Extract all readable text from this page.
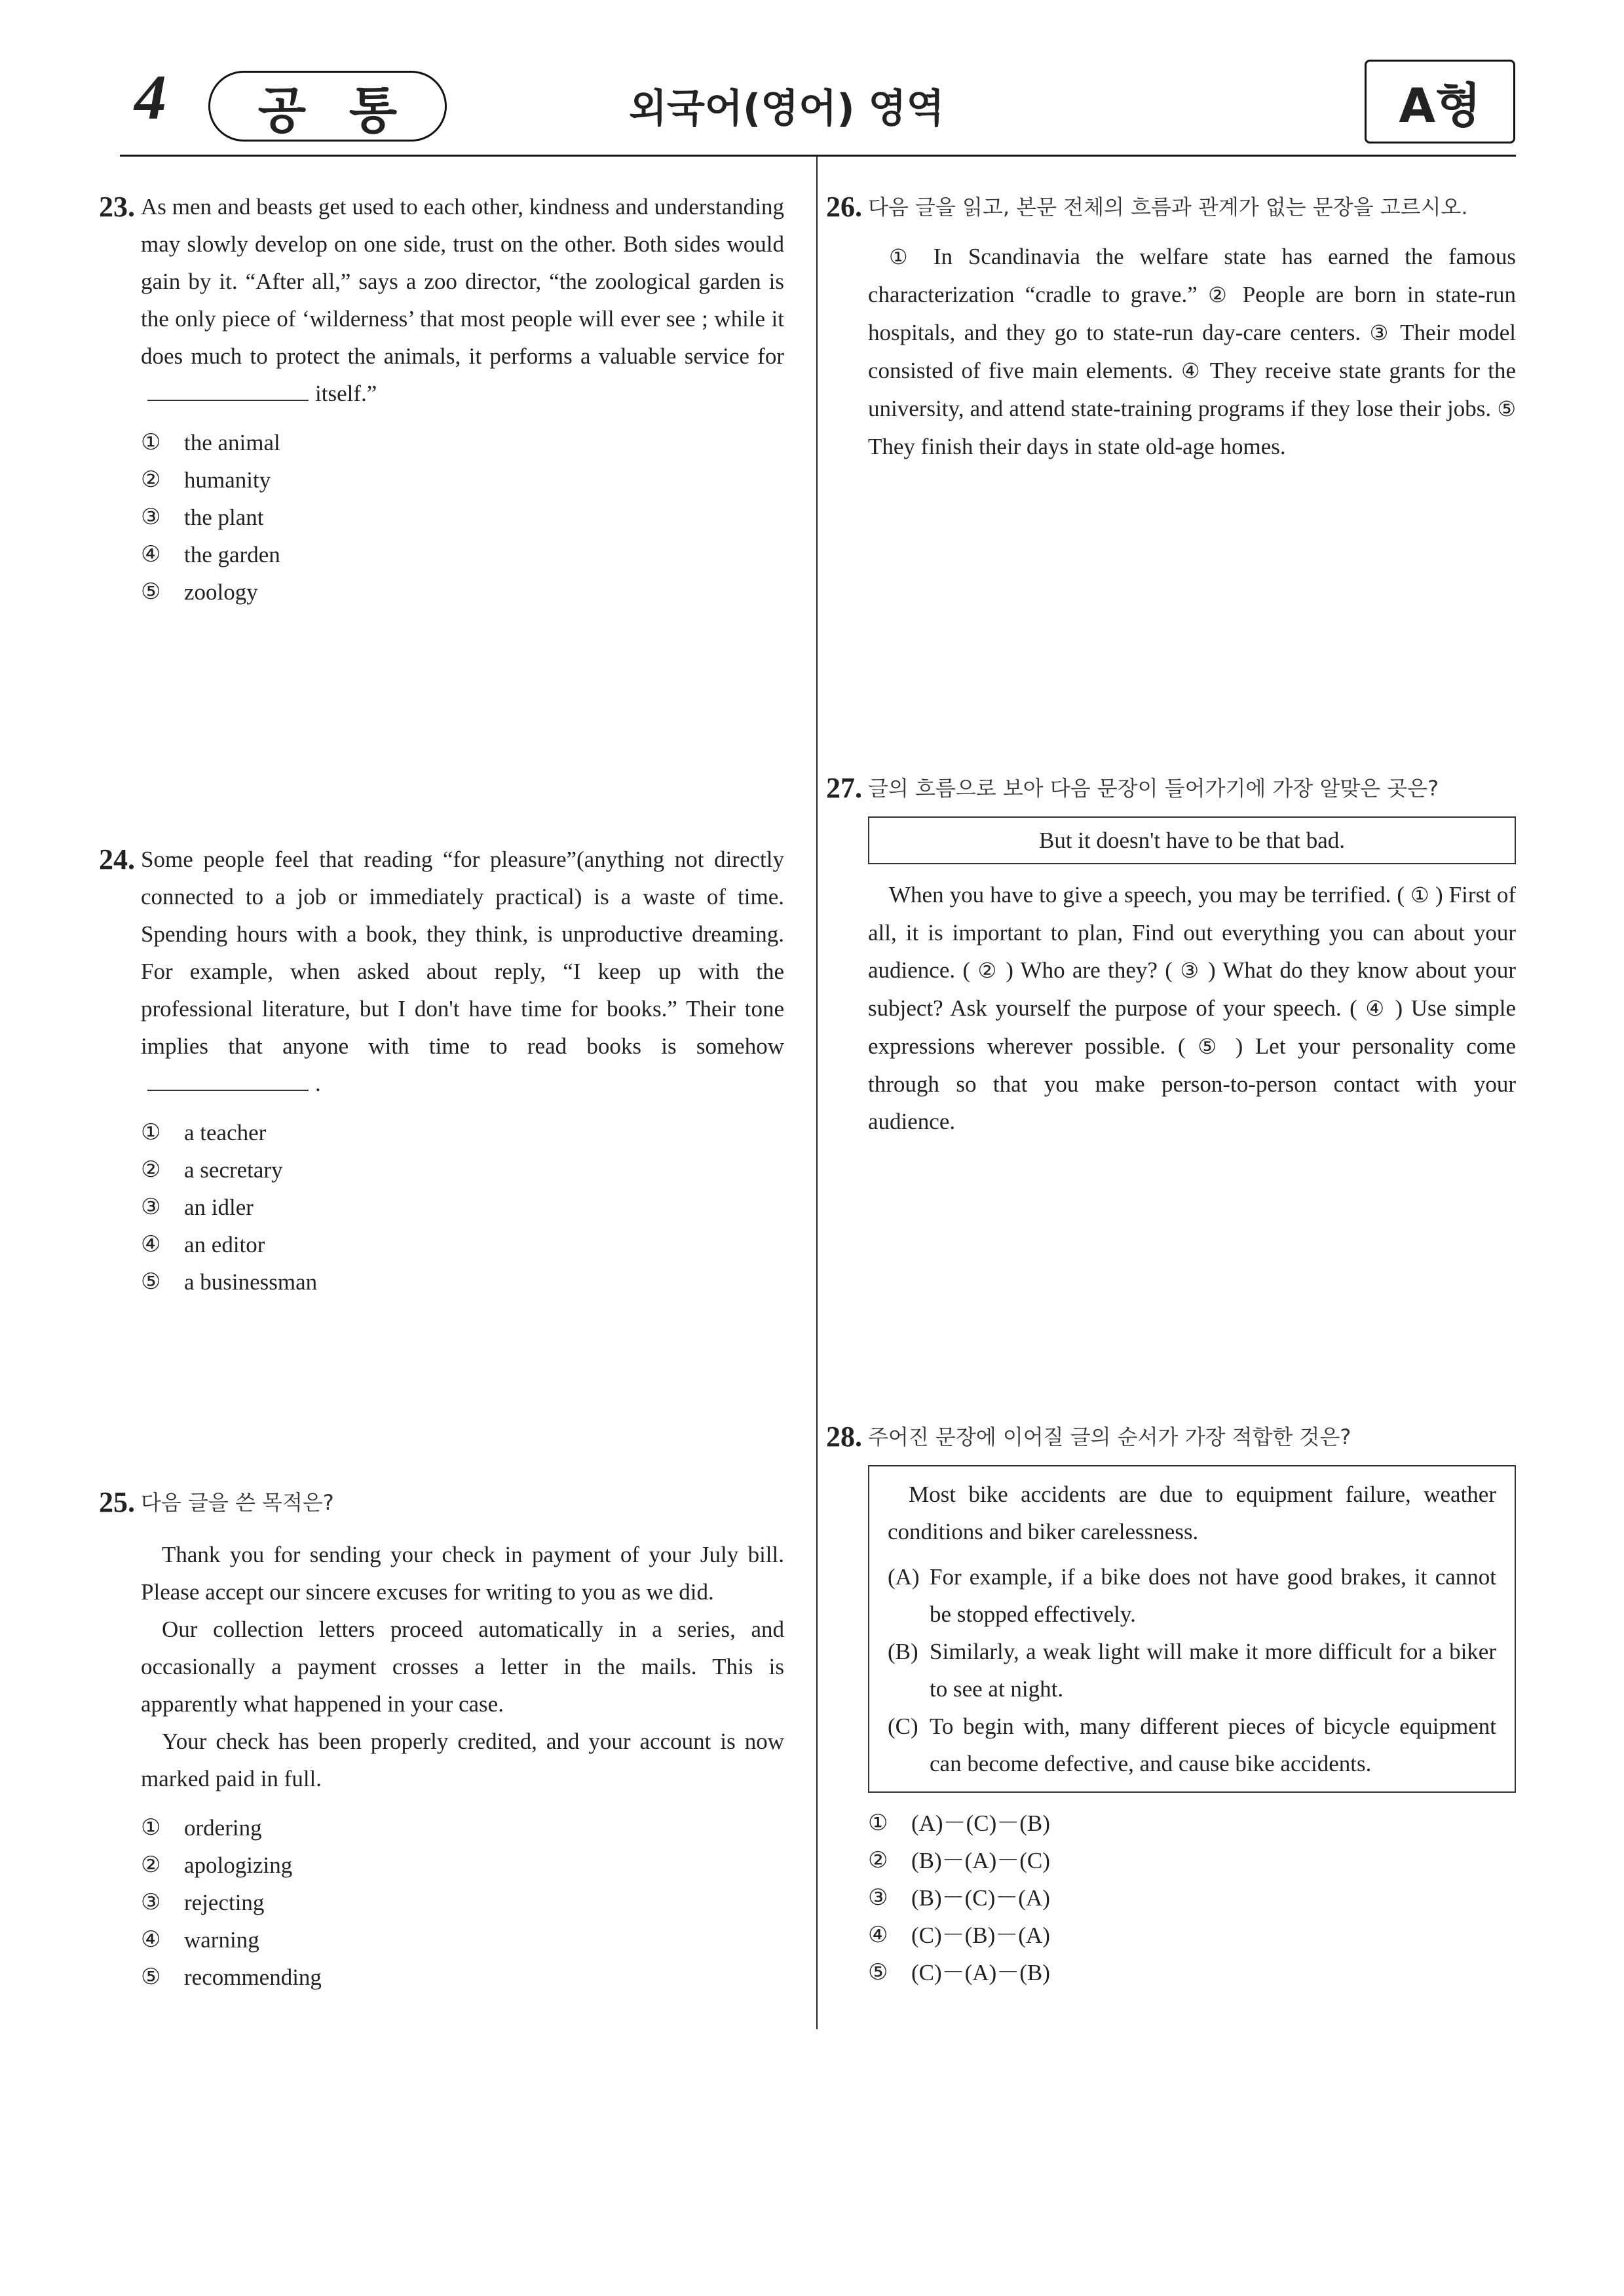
4 공 통	외국어(영어) 영역	A형
23. As men and beasts get used to each other, kindness and understanding may slowly develop on one side, trust on the other. Both sides would gain by it. “After all,” says a zoo director, “the zoological garden is the only piece of ‘wilderness’ that most people will ever see ; while it does much to protect the animals, it performs a valuable service foritself.”
①	the animal
②	humanity
③	the plant
④	the garden
⑤	zoology
24. Some people feel that reading “for pleasure”(anything not directly connected to a job or immediately practical) is a waste of time. Spending hours with a book, they think, is unproductive dreaming. For example, when asked about reply, “I keep up with the professional literature, but I don't have time for books.” Their tone implies that anyone with time to read books is somehow.
①	a teacher
②	a secretary
③	an idler
④	an editor
⑤	a businessman
25. 다음 글을 쓴 목적은?
Thank you for sending your check in payment of your July bill. Please accept our sincere excuses for writing to you as we did.
Our collection letters proceed automatically in a series, and occasionally a payment crosses a letter in the mails. This is apparently what happened in your case.
Your check has been properly credited, and your account is now marked paid in full.
①	ordering
②	apologizing
③	rejecting
④	warning
⑤	recommending
26. 다음 글을 읽고, 본문 전체의 흐름과 관계가 없는 문장을 고르시오.
① In Scandinavia the welfare state has earned the famous characterization “cradle to grave.” ② People are born in state-run hospitals, and they go to state-run day-care centers. ③ Their model consisted of five main elements. ④ They receive state grants for the university, and attend state-training programs if they lose their jobs. ⑤ They finish their days in state old-age homes.
27. 글의 흐름으로 보아 다음 문장이 들어가기에 가장 알맞은 곳은?
But it doesn't have to be that bad.
When you have to give a speech, you may be terrified. ( ① ) First of all, it is important to plan, Find out everything you can about your audience. ( ② ) Who are they? ( ③ ) What do they know about your subject? Ask yourself the purpose of your speech. ( ④ ) Use simple expressions wherever possible. ( ⑤ ) Let your personality come through so that you make person-to-person contact with your audience.
28. 주어진 문장에 이어질 글의 순서가 가장 적합한 것은?
Most bike accidents are due to equipment failure, weather conditions and biker carelessness.
(A) For example, if a bike does not have good brakes, it cannot be stopped effectively.
(B) Similarly, a weak light will make it more difficult for a biker to see at night.
(C) To begin with, many different pieces of bicycle equipment can become defective, and cause bike accidents.
①	(A)－(C)－(B)
②	(B)－(A)－(C)
③	(B)－(C)－(A)
④	(C)－(B)－(A)
⑤	(C)－(A)－(B)
